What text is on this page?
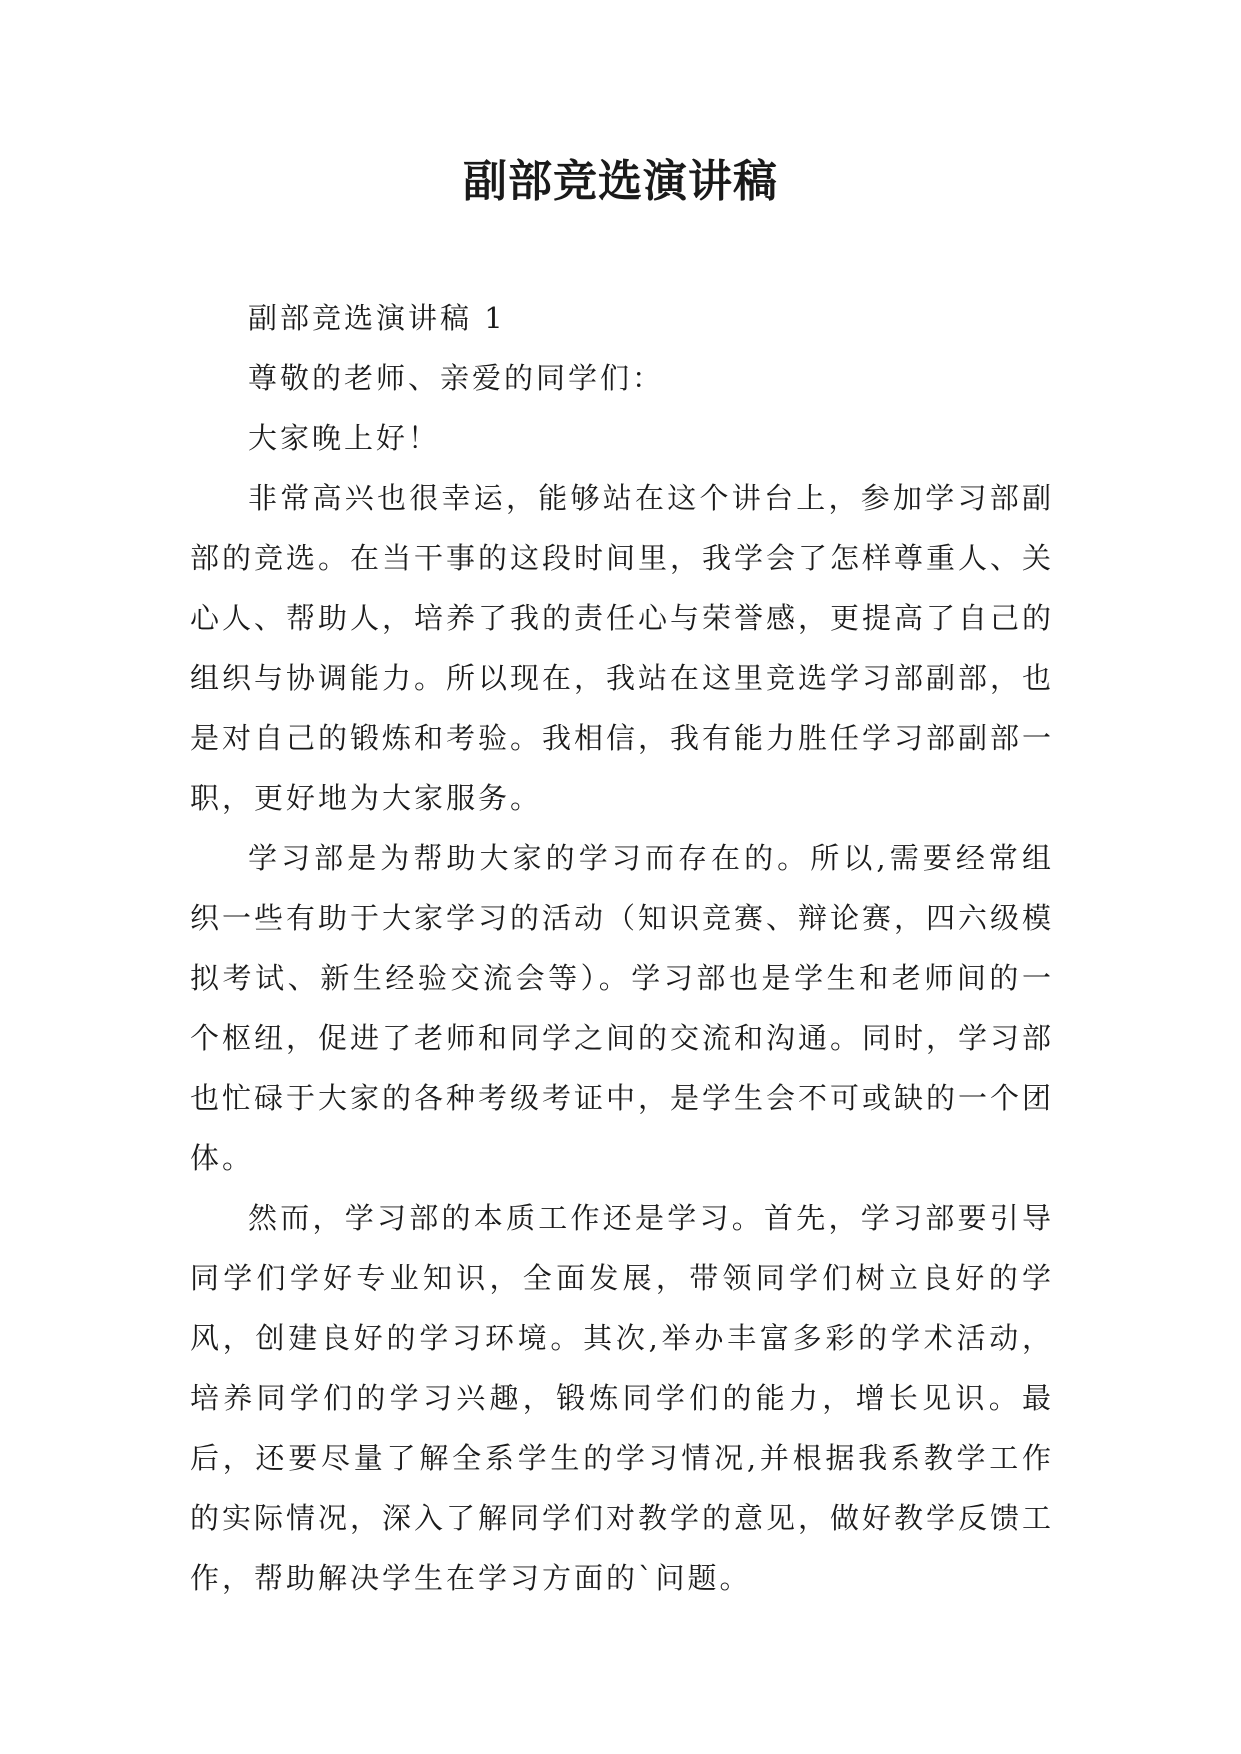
副部竞选演讲稿

副部竞选演讲稿 1

尊敬的老师、亲爱的同学们：

大家晚上好！

非常高兴也很幸运，能够站在这个讲台上，参加学习部副部的竞选。在当干事的这段时间里，我学会了怎样尊重人、关心人、帮助人，培养了我的责任心与荣誉感，更提高了自己的组织与协调能力。所以现在，我站在这里竞选学习部副部，也是对自己的锻炼和考验。我相信，我有能力胜任学习部副部一职，更好地为大家服务。

学习部是为帮助大家的学习而存在的。所以,需要经常组织一些有助于大家学习的活动（知识竞赛、辩论赛，四六级模拟考试、新生经验交流会等）。学习部也是学生和老师间的一个枢纽，促进了老师和同学之间的交流和沟通。同时，学习部也忙碌于大家的各种考级考证中，是学生会不可或缺的一个团体。

然而，学习部的本质工作还是学习。首先，学习部要引导同学们学好专业知识，全面发展，带领同学们树立良好的学风，创建良好的学习环境。其次,举办丰富多彩的学术活动，培养同学们的学习兴趣，锻炼同学们的能力，增长见识。最后，还要尽量了解全系学生的学习情况,并根据我系教学工作的实际情况，深入了解同学们对教学的意见，做好教学反馈工作，帮助解决学生在学习方面的`问题。
